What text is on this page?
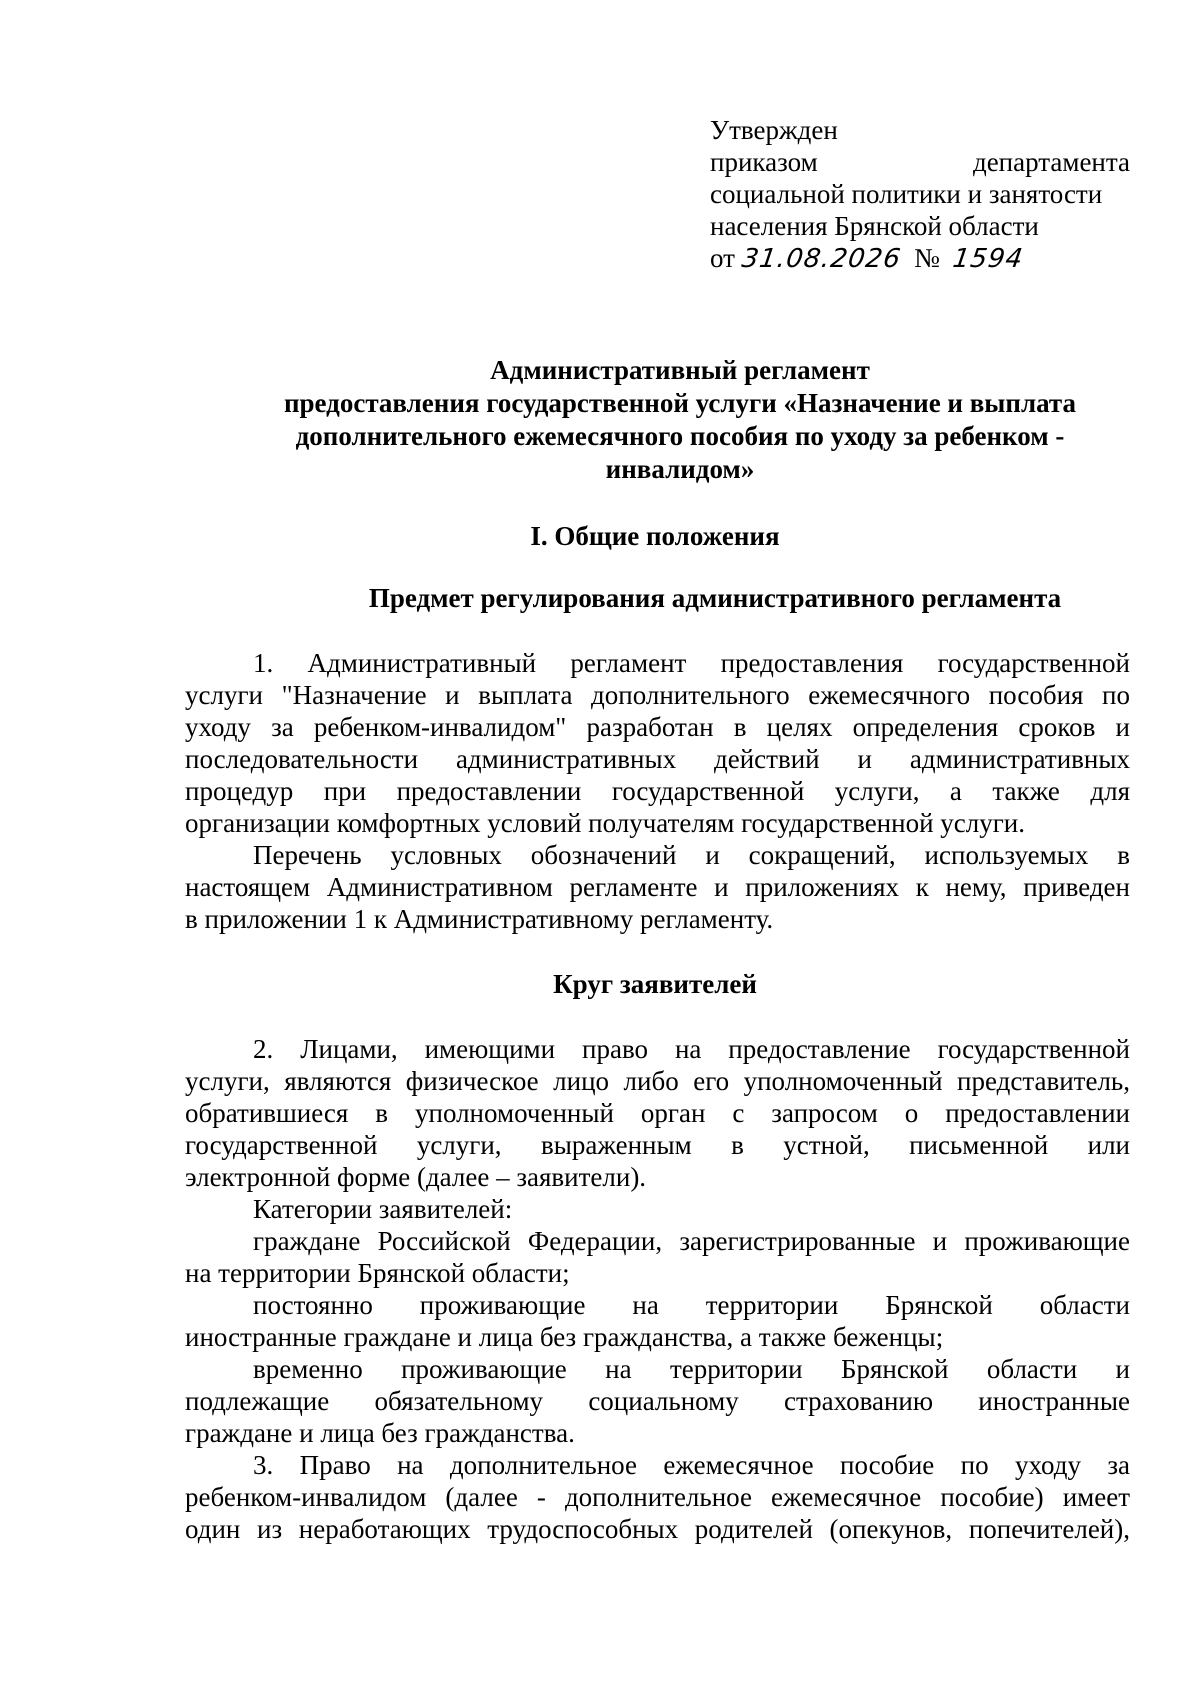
Утвержден
приказом департамента
социальной политики и занятости
населения Брянской области
от 31.08.2026 № 1594
Административный регламент
предоставления государственной услуги «Назначение и выплата
дополнительного ежемесячного пособия по уходу за ребенком -
инвалидом»
I. Общие положения
Предмет регулирования административного регламента
1. Административный регламент предоставления государственной
услуги "Назначение и выплата дополнительного ежемесячного пособия по
уходу за ребенком-инвалидом" разработан в целях определения сроков и
последовательности административных действий и административных
процедур при предоставлении государственной услуги, а также для
организации комфортных условий получателям государственной услуги.
Перечень условных обозначений и сокращений, используемых в
настоящем Административном регламенте и приложениях к нему, приведен
в приложении 1 к Административному регламенту.
Круг заявителей
2. Лицами, имеющими право на предоставление государственной
услуги, являются физическое лицо либо его уполномоченный представитель,
обратившиеся в уполномоченный орган с запросом о предоставлении
государственной услуги, выраженным в устной, письменной или
электронной форме (далее – заявители).
Категории заявителей:
граждане Российской Федерации, зарегистрированные и проживающие
на территории Брянской области;
постоянно проживающие на территории Брянской области
иностранные граждане и лица без гражданства, а также беженцы;
временно проживающие на территории Брянской области и
подлежащие обязательному социальному страхованию иностранные
граждане и лица без гражданства.
3. Право на дополнительное ежемесячное пособие по уходу за
ребенком-инвалидом (далее - дополнительное ежемесячное пособие) имеет
один из неработающих трудоспособных родителей (опекунов, попечителей),
